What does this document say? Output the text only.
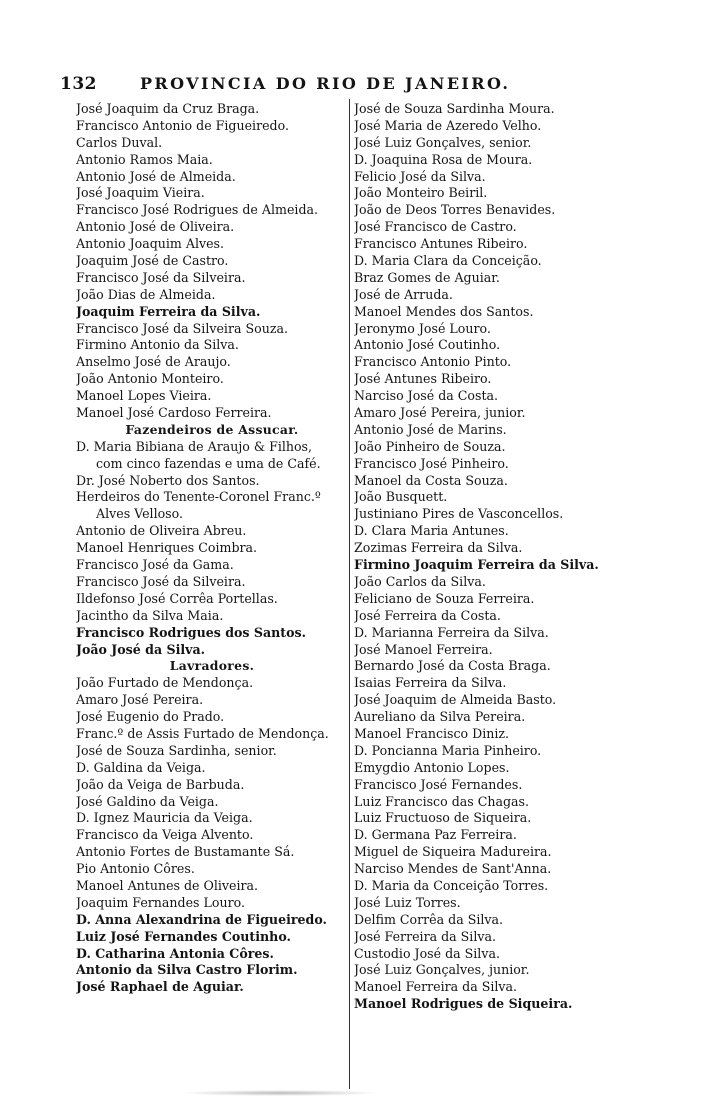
132	PROVINCIA DO RIO DE JANEIRO.
José Joaquim da Cruz Braga.
Francisco Antonio de Figueiredo.
Carlos Duval.
Antonio Ramos Maia.
Antonio José de Almeida.
José Joaquim Vieira.
Francisco José Rodrigues de Almeida.
Antonio José de Oliveira.
Antonio Joaquim Alves.
Joaquim José de Castro.
Francisco José da Silveira.
João Dias de Almeida.
Joaquim Ferreira da Silva.
Francisco José da Silveira Souza.
Firmino Antonio da Silva.
Anselmo José de Araujo.
João Antonio Monteiro.
Manoel Lopes Vieira.
Manoel José Cardoso Ferreira.
Fazendeiros de Assucar.
D. Maria Bibiana de Araujo & Filhos,
com cinco fazendas e uma de Café.
Dr. José Noberto dos Santos.
Herdeiros do Tenente-Coronel Franc.º
Alves Velloso.
Antonio de Oliveira Abreu.
Manoel Henriques Coimbra.
Francisco José da Gama.
Francisco José da Silveira.
Ildefonso José Corrêa Portellas.
Jacintho da Silva Maia.
Francisco Rodrigues dos Santos.
João José da Silva.
Lavradores.
João Furtado de Mendonça.
Amaro José Pereira.
José Eugenio do Prado.
Franc.º de Assis Furtado de Mendonça.
José de Souza Sardinha, senior.
D. Galdina da Veiga.
João da Veiga de Barbuda.
José Galdino da Veiga.
D. Ignez Mauricia da Veiga.
Francisco da Veiga Alvento.
Antonio Fortes de Bustamante Sá.
Pio Antonio Côres.
Manoel Antunes de Oliveira.
Joaquim Fernandes Louro.
D. Anna Alexandrina de Figueiredo.
Luiz José Fernandes Coutinho.
D. Catharina Antonia Côres.
Antonio da Silva Castro Florim.
José Raphael de Aguiar.
José de Souza Sardinha Moura.
José Maria de Azeredo Velho.
José Luiz Gonçalves, senior.
D. Joaquina Rosa de Moura.
Felicio José da Silva.
João Monteiro Beiril.
João de Deos Torres Benavides.
José Francisco de Castro.
Francisco Antunes Ribeiro.
D. Maria Clara da Conceição.
Braz Gomes de Aguiar.
José de Arruda.
Manoel Mendes dos Santos.
Jeronymo José Louro.
Antonio José Coutinho.
Francisco Antonio Pinto.
José Antunes Ribeiro.
Narciso José da Costa.
Amaro José Pereira, junior.
Antonio José de Marins.
João Pinheiro de Souza.
Francisco José Pinheiro.
Manoel da Costa Souza.
João Busquett.
Justiniano Pires de Vasconcellos.
D. Clara Maria Antunes.
Zozimas Ferreira da Silva.
Firmino Joaquim Ferreira da Silva.
João Carlos da Silva.
Feliciano de Souza Ferreira.
José Ferreira da Costa.
D. Marianna Ferreira da Silva.
José Manoel Ferreira.
Bernardo José da Costa Braga.
Isaias Ferreira da Silva.
José Joaquim de Almeida Basto.
Aureliano da Silva Pereira.
Manoel Francisco Diniz.
D. Poncianna Maria Pinheiro.
Emygdio Antonio Lopes.
Francisco José Fernandes.
Luiz Francisco das Chagas.
Luiz Fructuoso de Siqueira.
D. Germana Paz Ferreira.
Miguel de Siqueira Madureira.
Narciso Mendes de Sant'Anna.
D. Maria da Conceição Torres.
José Luiz Torres.
Delfim Corrêa da Silva.
José Ferreira da Silva.
Custodio José da Silva.
José Luiz Gonçalves, junior.
Manoel Ferreira da Silva.
Manoel Rodrigues de Siqueira.
